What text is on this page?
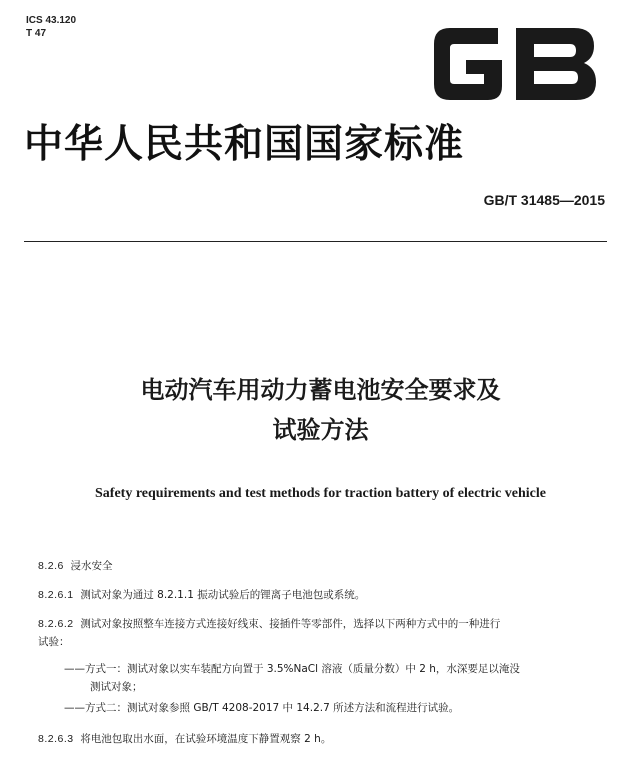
ICS 43.120
T 47
中华人民共和国国家标准
GB/T 31485—2015
电动汽车用动力蓄电池安全要求及
试验方法
Safety requirements and test methods for traction battery of electric vehicle
8.2.6 浸水安全
8.2.6.1 测试对象为通过 8.2.1.1 振动试验后的锂离子电池包或系统。
8.2.6.2 测试对象按照整车连接方式连接好线束、接插件等零部件，选择以下两种方式中的一种进行
试验：
——方式一：测试对象以实车装配方向置于 3.5%NaCl 溶液（质量分数）中 2 h，水深要足以淹没
测试对象；
——方式二：测试对象参照 GB/T 4208-2017 中 14.2.7 所述方法和流程进行试验。
8.2.6.3 将电池包取出水面，在试验环境温度下静置观察 2 h。
